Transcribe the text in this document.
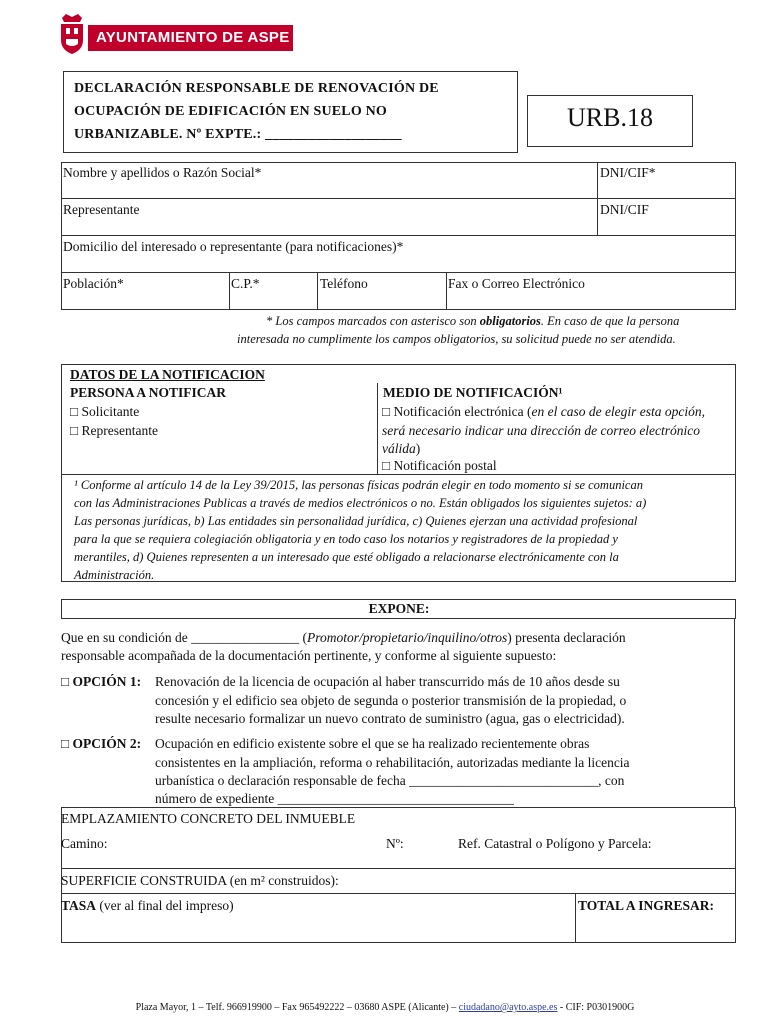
AYUNTAMIENTO DE ASPE
DECLARACIÓN RESPONSABLE DE RENOVACIÓN DE
OCUPACIÓN DE EDIFICACIÓN EN SUELO NO
URBANIZABLE. Nº EXPTE.: ___________________
URB.18
Nombre y apellidos o Razón Social*	DNI/CIF*
Representante	DNI/CIF
Domicilio del interesado o representante (para notificaciones)*
Población*	C.P.*	Teléfono	Fax o Correo Electrónico
* Los campos marcados con asterisco son obligatorios. En caso de que la persona
interesada no cumplimente los campos obligatorios, su solicitud puede no ser atendida.
DATOS DE LA NOTIFICACION
PERSONA A NOTIFICAR	MEDIO DE NOTIFICACIÓN¹
□ Solicitante
□ Representante
□ Notificación electrónica (en el caso de elegir esta opción,
será necesario indicar una dirección de correo electrónico
válida)
□ Notificación postal
¹ Conforme al artículo 14 de la Ley 39/2015, las personas físicas podrán elegir en todo momento si se comunican
con las Administraciones Publicas a través de medios electrónicos o no. Están obligados los siguientes sujetos: a)
Las personas jurídicas, b) Las entidades sin personalidad jurídica, c) Quienes ejerzan una actividad profesional
para la que se requiera colegiación obligatoria y en todo caso los notarios y registradores de la propiedad y
merantiles, d) Quienes representen a un interesado que esté obligado a relacionarse electrónicamente con la
Administración.
EXPONE:
Que en su condición de ________________ (Promotor/propietario/inquilino/otros) presenta declaración
responsable acompañada de la documentación pertinente, y conforme al siguiente supuesto:
□ OPCIÓN 1: Renovación de la licencia de ocupación al haber transcurrido más de 10 años desde su
concesión y el edificio sea objeto de segunda o posterior transmisión de la propiedad, o
resulte necesario formalizar un nuevo contrato de suministro (agua, gas o electricidad).
□ OPCIÓN 2: Ocupación en edificio existente sobre el que se ha realizado recientemente obras
consistentes en la ampliación, reforma o rehabilitación, autorizadas mediante la licencia
urbanística o declaración responsable de fecha ____________________________, con
número de expediente ___________________________________
EMPLAZAMIENTO CONCRETO DEL INMUEBLE
Camino:	Nº:	Ref. Catastral o Polígono y Parcela:
SUPERFICIE CONSTRUIDA (en m² construidos):
TASA (ver al final del impreso)	TOTAL A INGRESAR:
Plaza Mayor, 1 – Telf. 966919900 – Fax 965492222 – 03680 ASPE (Alicante) – ciudadano@ayto.aspe.es - CIF: P0301900G
